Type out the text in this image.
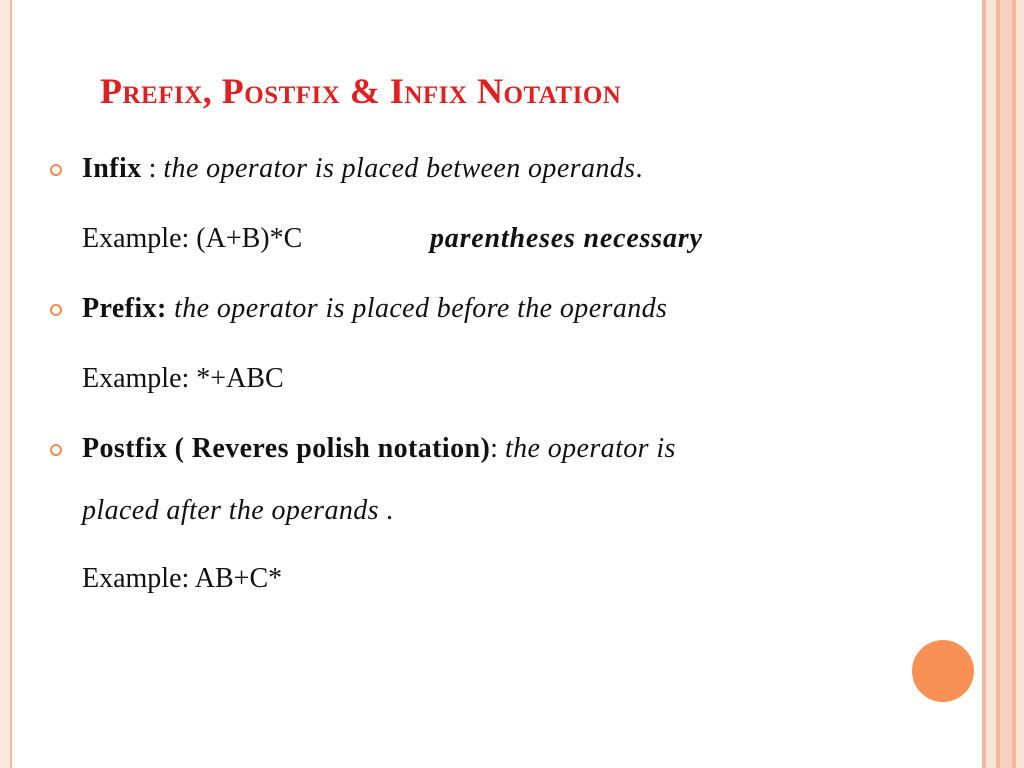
Prefix, Postfix & Infix Notation
Infix : the operator is placed between operands.
Example: (A+B)*C	parentheses necessary
Prefix: the operator is placed before the operands
Example: *+ABC
Postfix ( Reveres polish notation): the operator is
placed after the operands .
Example: AB+C*
